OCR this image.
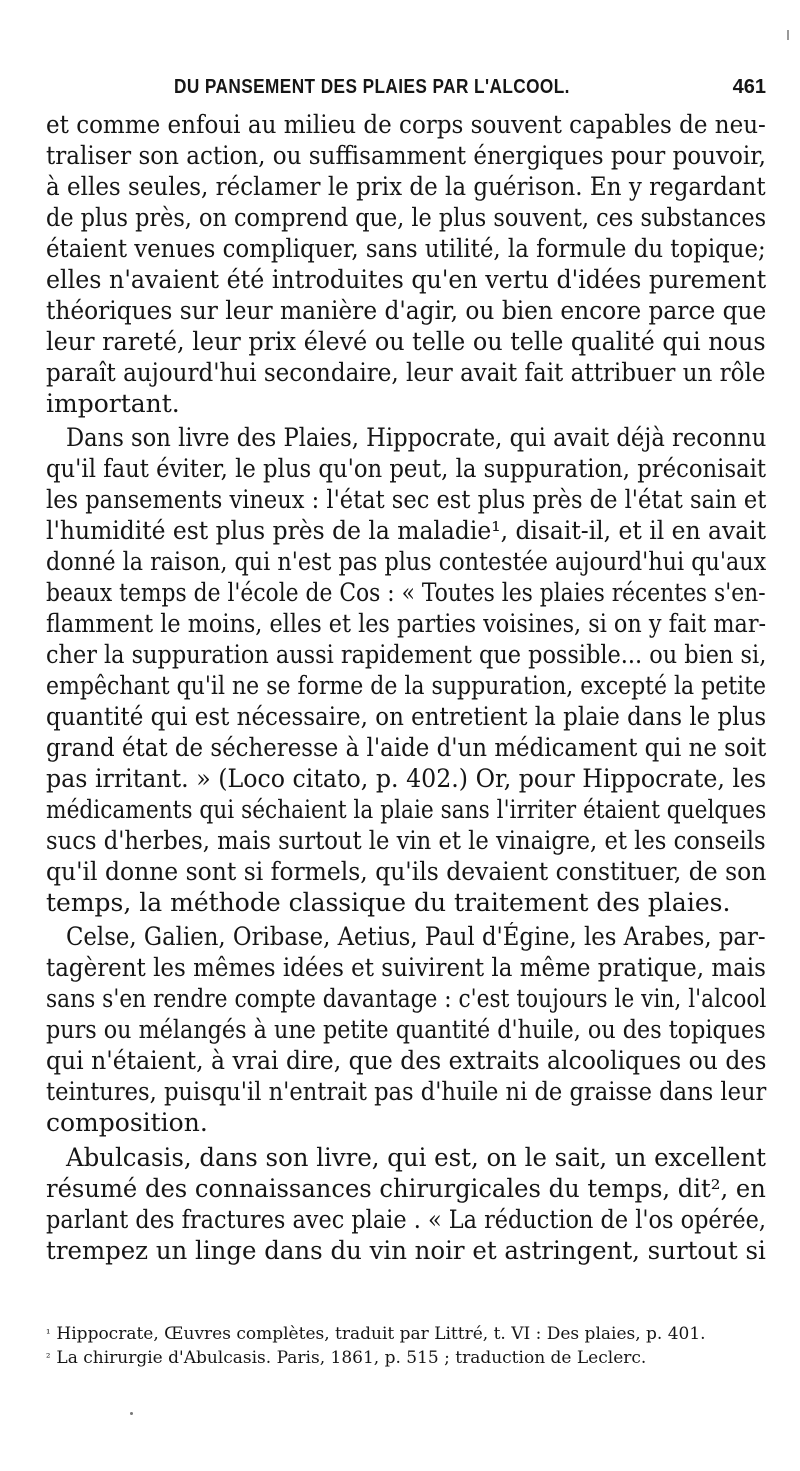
DU PANSEMENT DES PLAIES PAR L'ALCOOL.	461
et comme enfoui au milieu de corps souvent capables de neu-
traliser son action, ou suffisamment énergiques pour pouvoir,
à elles seules, réclamer le prix de la guérison. En y regardant
de plus près, on comprend que, le plus souvent, ces substances
étaient venues compliquer, sans utilité, la formule du topique;
elles n'avaient été introduites qu'en vertu d'idées purement
théoriques sur leur manière d'agir, ou bien encore parce que
leur rareté, leur prix élevé ou telle ou telle qualité qui nous
paraît aujourd'hui secondaire, leur avait fait attribuer un rôle
important.
Dans son livre des Plaies, Hippocrate, qui avait déjà reconnu
qu'il faut éviter, le plus qu'on peut, la suppuration, préconisait
les pansements vineux : l'état sec est plus près de l'état sain et
l'humidité est plus près de la maladie¹, disait-il, et il en avait
donné la raison, qui n'est pas plus contestée aujourd'hui qu'aux
beaux temps de l'école de Cos : « Toutes les plaies récentes s'en-
flamment le moins, elles et les parties voisines, si on y fait mar-
cher la suppuration aussi rapidement que possible... ou bien si,
empêchant qu'il ne se forme de la suppuration, excepté la petite
quantité qui est nécessaire, on entretient la plaie dans le plus
grand état de sécheresse à l'aide d'un médicament qui ne soit
pas irritant. » (Loco citato, p. 402.) Or, pour Hippocrate, les
médicaments qui séchaient la plaie sans l'irriter étaient quelques
sucs d'herbes, mais surtout le vin et le vinaigre, et les conseils
qu'il donne sont si formels, qu'ils devaient constituer, de son
temps, la méthode classique du traitement des plaies.
Celse, Galien, Oribase, Aetius, Paul d'Égine, les Arabes, par-
tagèrent les mêmes idées et suivirent la même pratique, mais
sans s'en rendre compte davantage : c'est toujours le vin, l'alcool
purs ou mélangés à une petite quantité d'huile, ou des topiques
qui n'étaient, à vrai dire, que des extraits alcooliques ou des
teintures, puisqu'il n'entrait pas d'huile ni de graisse dans leur
composition.
Abulcasis, dans son livre, qui est, on le sait, un excellent
résumé des connaissances chirurgicales du temps, dit², en
parlant des fractures avec plaie . « La réduction de l'os opérée,
trempez un linge dans du vin noir et astringent, surtout si
$^{^1}$ Hippocrate, Œuvres complètes, traduit par Littré, t. VI : Des plaies, p. 401.
$^{^2}$ La chirurgie d'Abulcasis. Paris, 1861, p. 515 ; traduction de Leclerc.
